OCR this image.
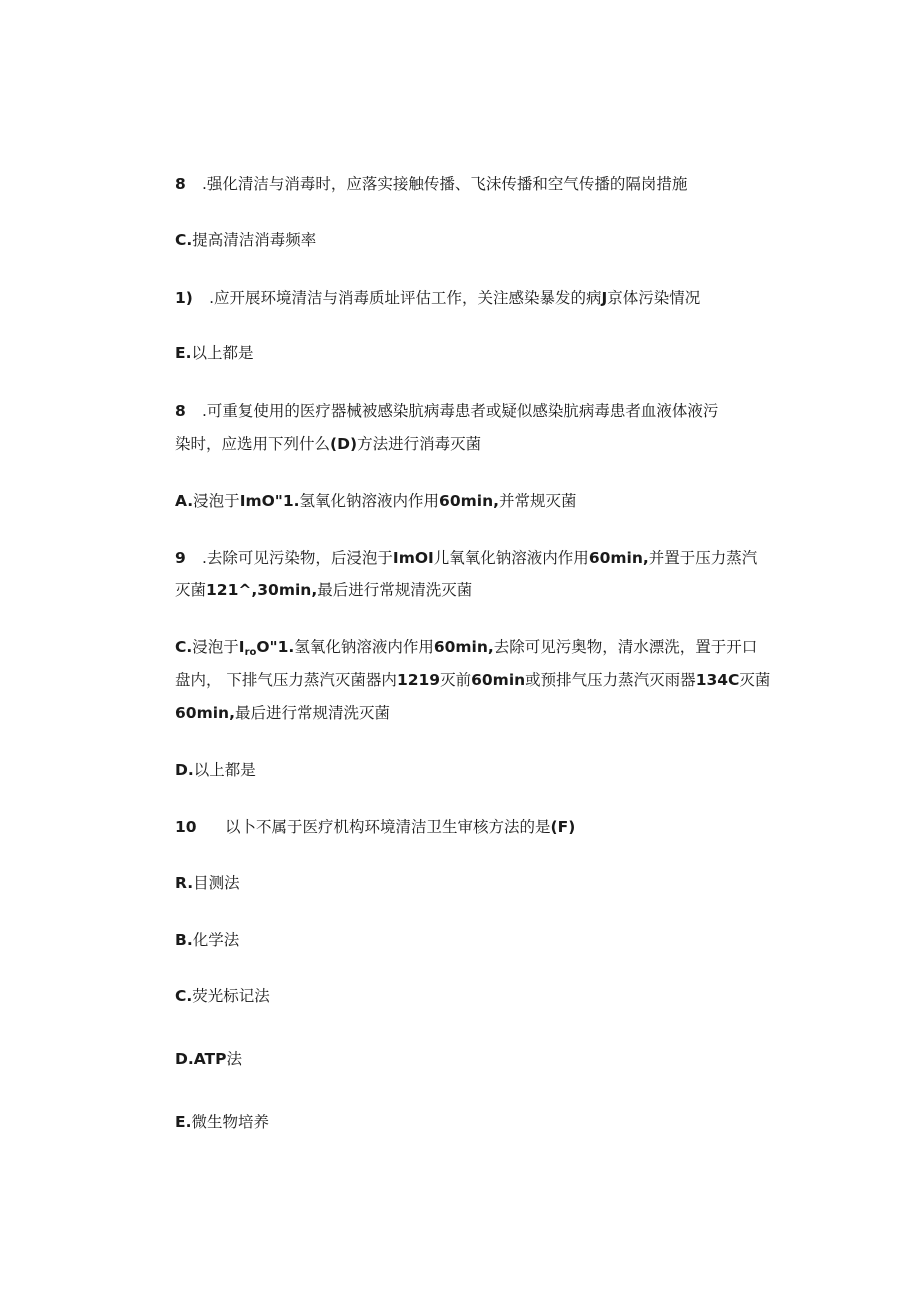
8   .强化清洁与消毒时，应落实接触传播、飞沫传播和空气传播的隔岗措施
C.提高清洁消毒频率
1)   .应开展环境清洁与消毒质址评估工作，关注感染暴发的病J京体污染情况
E.以上都是
8   .可重复使用的医疗器械被感染肮病毒患者或疑似感染肮病毒患者血液体液污
染时，应选用下列什么(D)方法进行消毒灭菌
A.浸泡于ImO"1.氢氧化钠溶液内作用60min,并常规灭菌
9   .去除可见污染物，后浸泡于ImOI儿氧氧化钠溶液内作用60min,并置于压力蒸汽
灭菌121^,30min,最后进行常规清洗灭菌
C.浸泡于$I_{ro}O"1$.氢氧化钠溶液内作用60min,去除可见污奥物，清水漂洗，置于开口
盘内， 下排气压力蒸汽灭菌器内1219灭前60min或预排气压力蒸汽灭雨器134C灭菌
60min,最后进行常规清洗灭菌
D.以上都是
10 以卜不属于医疗机构环境清洁卫生审核方法的是(F)
R.目测法
B.化学法
C.荧光标记法
D.ATP法
E.微生物培养
